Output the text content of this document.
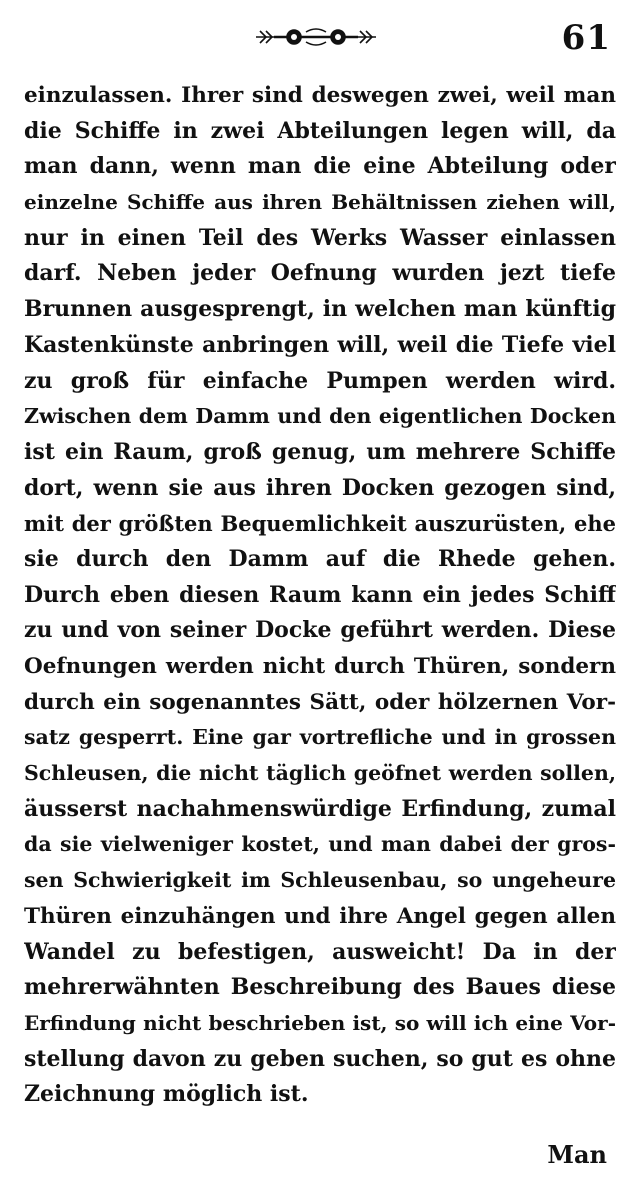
61
einzulassen. Ihrer sind deswegen zwei, weil man
die Schiffe in zwei Abteilungen legen will, da
man dann, wenn man die eine Abteilung oder
einzelne Schiffe aus ihren Behältnissen ziehen will,
nur in einen Teil des Werks Wasser einlassen
darf. Neben jeder Oefnung wurden jezt tiefe
Brunnen ausgesprengt, in welchen man künftig
Kastenkünste anbringen will, weil die Tiefe viel
zu groß für einfache Pumpen werden wird.
Zwischen dem Damm und den eigentlichen Docken
ist ein Raum, groß genug, um mehrere Schiffe
dort, wenn sie aus ihren Docken gezogen sind,
mit der größten Bequemlichkeit auszurüsten, ehe
sie durch den Damm auf die Rhede gehen.
Durch eben diesen Raum kann ein jedes Schiff
zu und von seiner Docke geführt werden. Diese
Oefnungen werden nicht durch Thüren, sondern
durch ein sogenanntes Sätt, oder hölzernen Vor-
satz gesperrt. Eine gar vortrefliche und in grossen
Schleusen, die nicht täglich geöfnet werden sollen,
äusserst nachahmenswürdige Erfindung, zumal
da sie vielweniger kostet, und man dabei der gros-
sen Schwierigkeit im Schleusenbau, so ungeheure
Thüren einzuhängen und ihre Angel gegen allen
Wandel zu befestigen, ausweicht! Da in der
mehrerwähnten Beschreibung des Baues diese
Erfindung nicht beschrieben ist, so will ich eine Vor-
stellung davon zu geben suchen, so gut es ohne
Zeichnung möglich ist.
Man
